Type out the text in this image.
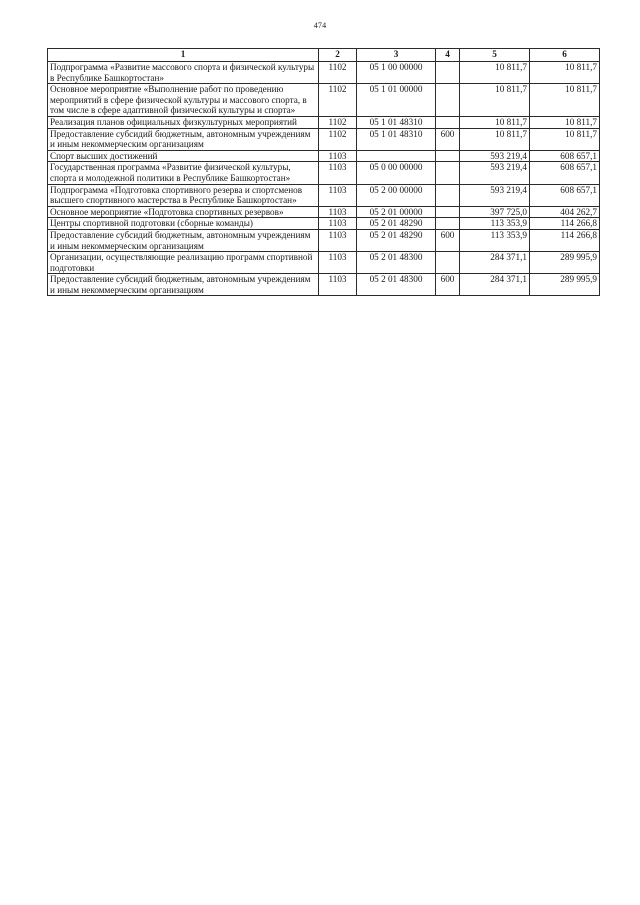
474
1	2	3	4	5	6
Подпрограмма «Развитие массового спорта и физической культуры в Республике Башкортостан»	1102	05 1 00 00000		10 811,7	10 811,7
Основное мероприятие «Выполнение работ по проведению мероприятий в сфере физической культуры и массового спорта, в том числе в сфере адаптивной физической культуры и спорта»	1102	05 1 01 00000		10 811,7	10 811,7
Реализация планов официальных физкультурных мероприятий	1102	05 1 01 48310		10 811,7	10 811,7
Предоставление субсидий бюджетным, автономным учреждениям и иным некоммерческим организациям	1102	05 1 01 48310	600	10 811,7	10 811,7
Спорт высших достижений	1103			593 219,4	608 657,1
Государственная программа «Развитие физической культуры, спорта и молодежной политики в Республике Башкортостан»	1103	05 0 00 00000		593 219,4	608 657,1
Подпрограмма «Подготовка спортивного резерва и спортсменов высшего спортивного мастерства в Республике Башкортостан»	1103	05 2 00 00000		593 219,4	608 657,1
Основное мероприятие «Подготовка спортивных резервов»	1103	05 2 01 00000		397 725,0	404 262,7
Центры спортивной подготовки (сборные команды)	1103	05 2 01 48290		113 353,9	114 266,8
Предоставление субсидий бюджетным, автономным учреждениям и иным некоммерческим организациям	1103	05 2 01 48290	600	113 353,9	114 266,8
Организации, осуществляющие реализацию программ спортивной подготовки	1103	05 2 01 48300		284 371,1	289 995,9
Предоставление субсидий бюджетным, автономным учреждениям и иным некоммерческим организациям	1103	05 2 01 48300	600	284 371,1	289 995,9
